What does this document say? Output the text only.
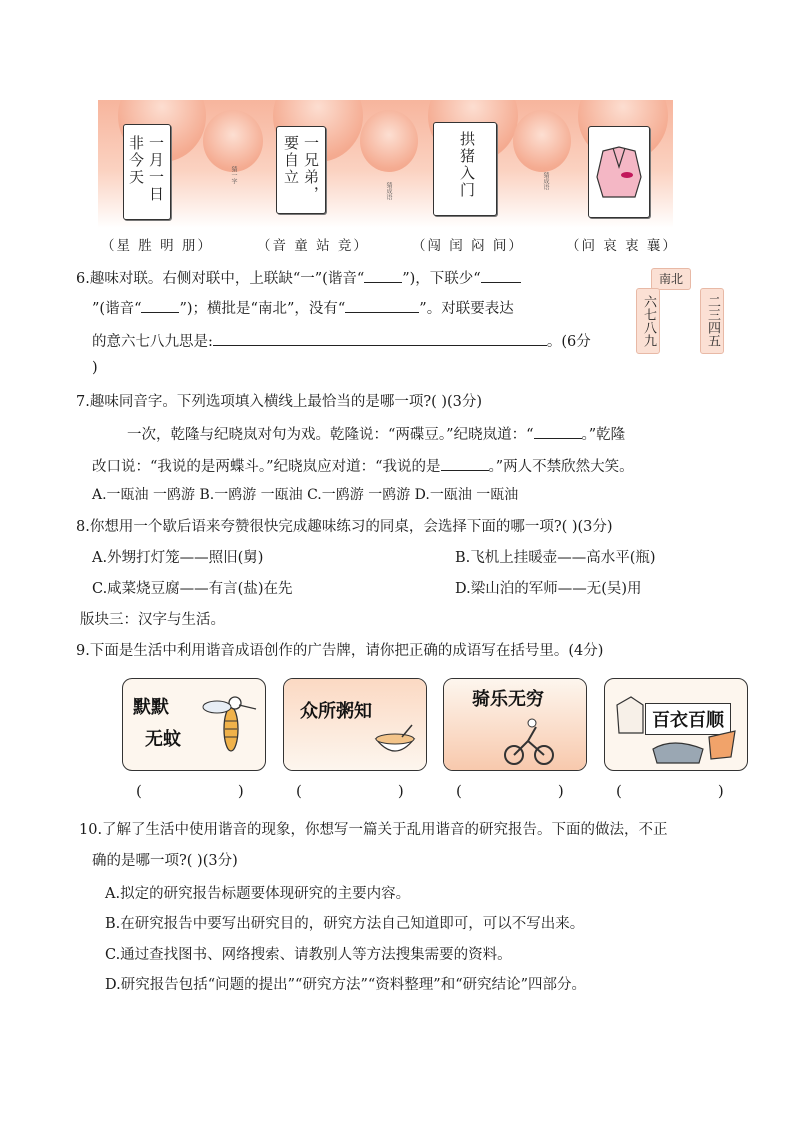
一月一日
非今天	猜一字	一兄弟，
要自立
猜成语	拱猪入门	猜成语
（星 胜 明 朋）	（音 童 站 竞）	（闯 闰 闷 间）	（问 哀 衷 襄）
6.趣味对联。右侧对联中，上联缺“一”(谐音“	”)，下联少“
”(谐音“	”)；横批是“南北”，没有“	”。对联要表达
的意六七八九思是:	。(6分
)
南北
六七八九	二三四五
7.趣味同音字。下列选项填入横线上最恰当的是哪一项?( )(3分)
一次，乾隆与纪晓岚对句为戏。乾隆说：“两碟豆。”纪晓岚道：“	。”乾隆
改口说：“我说的是两蝶斗。”纪晓岚应对道：“我说的是	。”两人不禁欣然大笑。
A.一瓯油 一鸥游 B.一鸥游 一瓯油 C.一鸥游 一鸥游 D.一瓯油 一瓯油
8.你想用一个歇后语来夸赞很快完成趣味练习的同桌，会选择下面的哪一项?( )(3分)
A.外甥打灯笼——照旧(舅)	B.飞机上挂暖壶——高水平(瓶)
C.咸菜烧豆腐——有言(盐)在先	D.梁山泊的军师——无(吴)用
版块三：汉字与生活。
9.下面是生活中利用谐音成语创作的广告牌，请你把正确的成语写在括号里。(4分)
默默
无蚊
众所粥知
骑乐无穷
百衣百顺
(	)	(	)	(	)	(	)
10.了解了生活中使用谐音的现象，你想写一篇关于乱用谐音的研究报告。下面的做法，不正
确的是哪一项?( )(3分)
A.拟定的研究报告标题要体现研究的主要内容。
B.在研究报告中要写出研究目的，研究方法自己知道即可，可以不写出来。
C.通过查找图书、网络搜索、请教别人等方法搜集需要的资料。
D.研究报告包括“问题的提出”“研究方法”“资料整理”和“研究结论”四部分。
